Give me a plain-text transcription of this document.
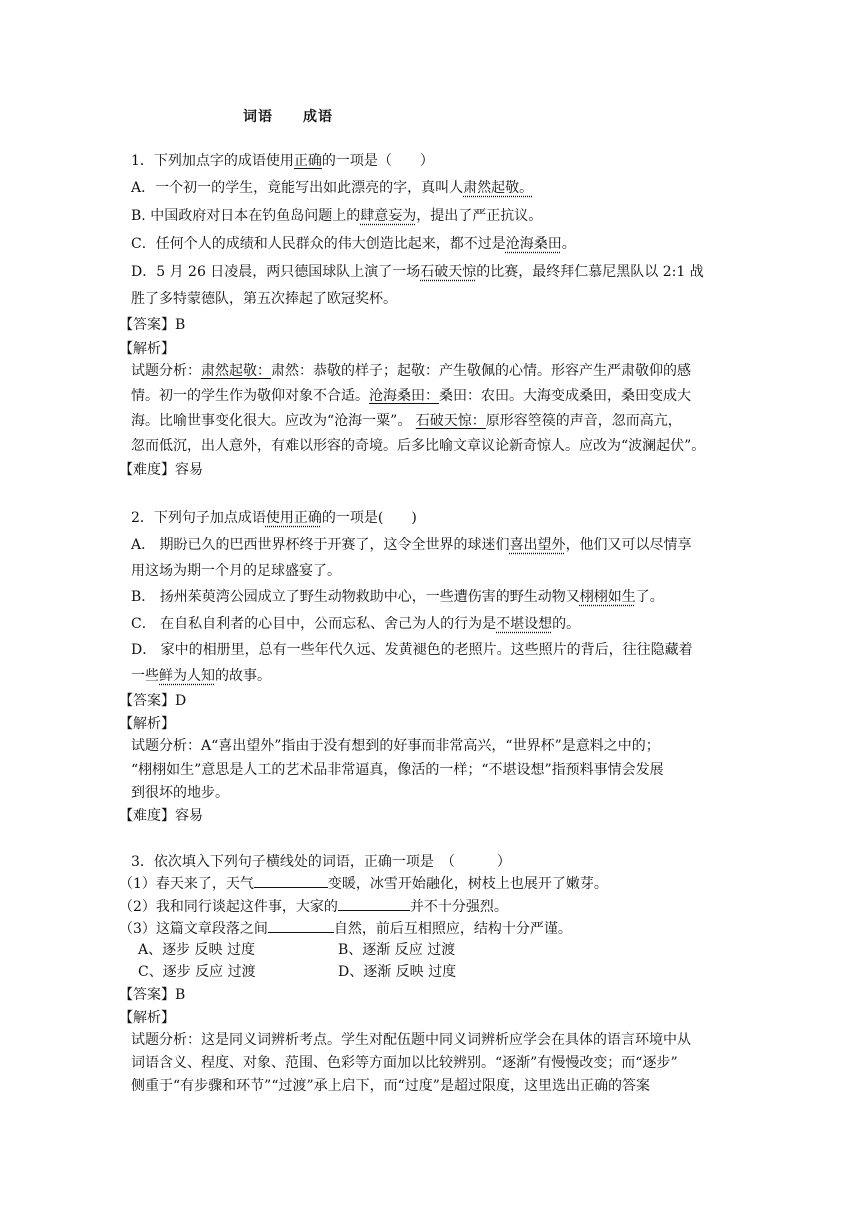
词语 成语
1．下列加点字的成语使用正确的一项是（　　）
A．一个初一的学生，竟能写出如此漂亮的字，真叫人肃然起敬。
B. 中国政府对日本在钓鱼岛问题上的肆意妄为，提出了严正抗议。
C．任何个人的成绩和人民群众的伟大创造比起来，都不过是沧海桑田。
D．5 月 26 日凌晨，两只德国球队上演了一场石破天惊的比赛，最终拜仁慕尼黑队以 2:1 战
胜了多特蒙德队，第五次捧起了欧冠奖杯。
【答案】B
【解析】
试题分析：肃然起敬：肃然：恭敬的样子；起敬：产生敬佩的心情。形容产生严肃敬仰的感
情。初一的学生作为敬仰对象不合适。沧海桑田：桑田：农田。大海变成桑田，桑田变成大
海。比喻世事变化很大。应改为“沧海一粟”。 石破天惊：原形容箜篌的声音，忽而高亢，
忽而低沉，出人意外，有难以形容的奇境。后多比喻文章议论新奇惊人。应改为“波澜起伏”。
【难度】容易
2．下列句子加点成语使用正确的一项是(　　)
A． 期盼已久的巴西世界杯终于开赛了，这令全世界的球迷们喜出望外，他们又可以尽情享
用这场为期一个月的足球盛宴了。
B． 扬州茱萸湾公园成立了野生动物救助中心，一些遭伤害的野生动物又栩栩如生了。
C． 在自私自利者的心目中，公而忘私、舍己为人的行为是不堪设想的。
D． 家中的相册里，总有一些年代久远、发黄褪色的老照片。这些照片的背后，往往隐藏着
一些鲜为人知的故事。
【答案】D
【解析】
试题分析：A“喜出望外”指由于没有想到的好事而非常高兴，“世界杯”是意料之中的；
“栩栩如生”意思是人工的艺术品非常逼真，像活的一样；“不堪设想”指预料事情会发展
到很坏的地步。
【难度】容易
3．依次填入下列句子横线处的词语，正确一项是　（　　　）
（1）春天来了，天气	变暖，冰雪开始融化，树枝上也展开了嫩芽。
（2）我和同行谈起这件事，大家的	并不十分强烈。
（3）这篇文章段落之间	自然，前后互相照应，结构十分严谨。
A、逐步 反映 过度	B、逐渐 反应 过渡
C、逐步 反应 过渡	D、逐渐 反映 过度
【答案】B
【解析】
试题分析：这是同义词辨析考点。学生对配伍题中同义词辨析应学会在具体的语言环境中从
词语含义、程度、对象、范围、色彩等方面加以比较辨别。“逐渐”有慢慢改变；而“逐步”
侧重于“有步骤和环节”“过渡”承上启下，而“过度”是超过限度，这里选出正确的答案
